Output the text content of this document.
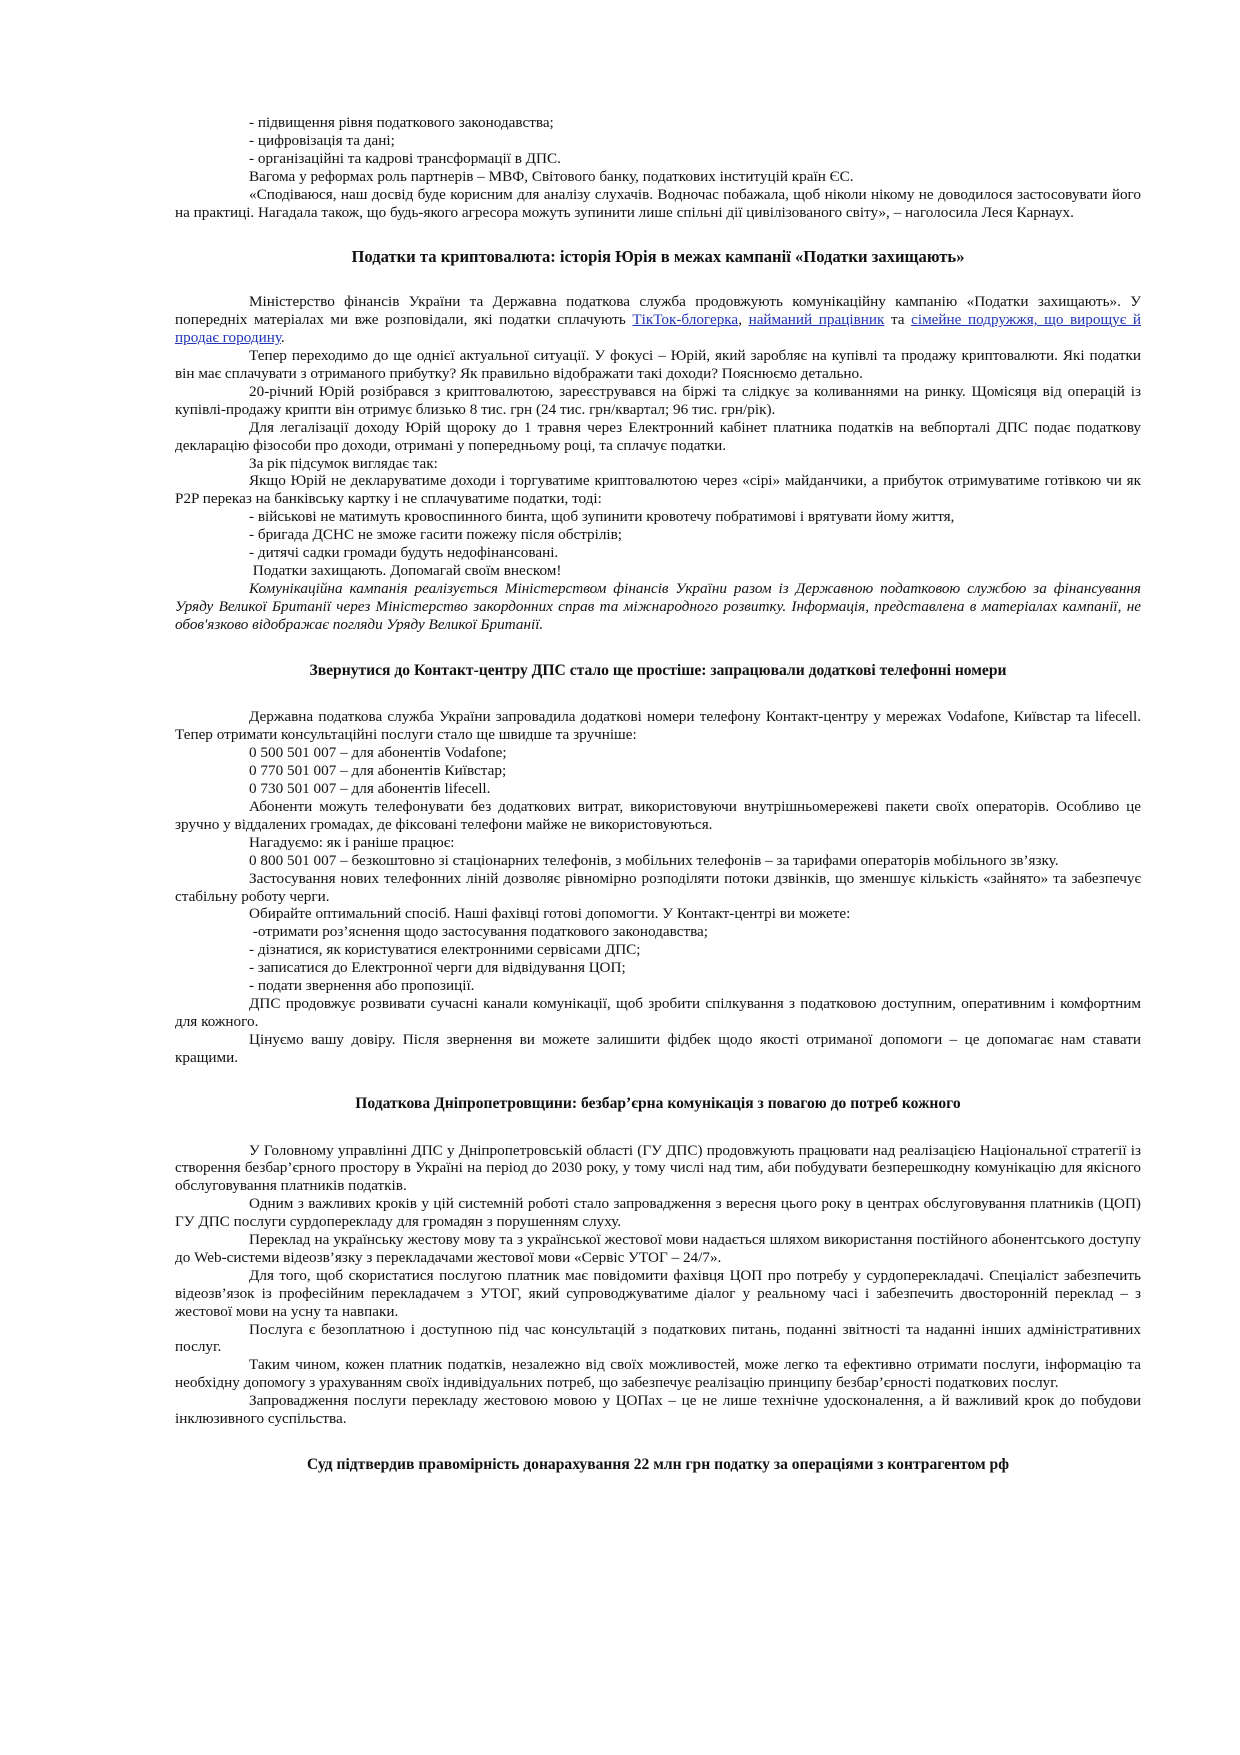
- підвищення рівня податкового законодавства;

- цифровізація та дані;

- організаційні та кадрові трансформації в ДПС.

Вагома у реформах роль партнерів – МВФ, Світового банку, податкових інституцій країн ЄС.

«Сподіваюся, наш досвід буде корисним для аналізу слухачів. Водночас побажала, щоб ніколи нікому не доводилося застосовувати його на практиці. Нагадала також, що будь-якого агресора можуть зупинити лише спільні дії цивілізованого світу», – наголосила Леся Карнаух.

Податки та криптовалюта: історія Юрія в межах кампанії «Податки захищають»

Міністерство фінансів України та Державна податкова служба продовжують комунікаційну кампанію «Податки захищають». У попередніх матеріалах ми вже розповідали, які податки сплачують ТікТок-блогерка, найманий працівник та сімейне подружжя, що вирощує й продає городину.

Тепер переходимо до ще однієї актуальної ситуації. У фокусі – Юрій, який заробляє на купівлі та продажу криптовалюти. Які податки він має сплачувати з отриманого прибутку? Як правильно відображати такі доходи? Пояснюємо детально.

20-річний Юрій розібрався з криптовалютою, зареєструвався на біржі та слідкує за коливаннями на ринку. Щомісяця від операцій із купівлі-продажу крипти він отримує близько 8 тис. грн (24 тис. грн/квартал; 96 тис. грн/рік).

Для легалізації доходу Юрій щороку до 1 травня через Електронний кабінет платника податків на вебпорталі ДПС подає податкову декларацію фізособи про доходи, отримані у попередньому році, та сплачує податки.

За рік підсумок виглядає так:

Якщо Юрій не декларуватиме доходи і торгуватиме криптовалютою через «сірі» майданчики, а прибуток отримуватиме готівкою чи як P2P переказ на банківську картку і не сплачуватиме податки, тоді:

- військові не матимуть кровоспинного бинта, щоб зупинити кровотечу побратимові і врятувати йому життя,

- бригада ДСНС не зможе гасити пожежу після обстрілів;

- дитячі садки громади будуть недофінансовані.

Податки захищають. Допомагай своїм внеском!

Комунікаційна кампанія реалізується Міністерством фінансів України разом із Державною податковою службою за фінансування Уряду Великої Британії через Міністерство закордонних справ та міжнародного розвитку. Інформація, представлена в матеріалах кампанії, не обов'язково відображає погляди Уряду Великої Британії.

Звернутися до Контакт-центру ДПС стало ще простіше: запрацювали додаткові телефонні номери

Державна податкова служба України запровадила додаткові номери телефону Контакт-центру у мережах Vodafone, Київстар та lifecell. Тепер отримати консультаційні послуги стало ще швидше та зручніше:

0 500 501 007 – для абонентів Vodafone;

0 770 501 007 – для абонентів Київстар;

0 730 501 007 – для абонентів lifecell.

Абоненти можуть телефонувати без додаткових витрат, використовуючи внутрішньомережеві пакети своїх операторів. Особливо це зручно у віддалених громадах, де фіксовані телефони майже не використовуються.

Нагадуємо: як і раніше працює:

0 800 501 007 – безкоштовно зі стаціонарних телефонів, з мобільних телефонів – за тарифами операторів мобільного зв’язку.

Застосування нових телефонних ліній дозволяє рівномірно розподіляти потоки дзвінків, що зменшує кількість «зайнято» та забезпечує стабільну роботу черги.

Обирайте оптимальний спосіб. Наші фахівці готові допомогти. У Контакт-центрі ви можете:

-отримати роз’яснення щодо застосування податкового законодавства;

- дізнатися, як користуватися електронними сервісами ДПС;

- записатися до Електронної черги для відвідування ЦОП;

- подати звернення або пропозиції.

ДПС продовжує розвивати сучасні канали комунікації, щоб зробити спілкування з податковою доступним, оперативним і комфортним для кожного.

Цінуємо вашу довіру. Після звернення ви можете залишити фідбек щодо якості отриманої допомоги – це допомагає нам ставати кращими.

Податкова Дніпропетровщини: безбар’єрна комунікація з повагою до потреб кожного

У Головному управлінні ДПС у Дніпропетровській області (ГУ ДПС) продовжують працювати над реалізацією Національної стратегії із створення безбар’єрного простору в Україні на період до 2030 року, у тому числі над тим, аби побудувати безперешкодну комунікацію для якісного обслуговування платників податків.

Одним з важливих кроків у цій системній роботі стало запровадження з вересня цього року в центрах обслуговування платників (ЦОП) ГУ ДПС послуги сурдоперекладу для громадян з порушенням слуху.

Переклад на українську жестову мову та з української жестової мови надається шляхом використання постійного абонентського доступу до Web-системи відеозв’язку з перекладачами жестової мови «Сервіс УТОГ – 24/7».

Для того, щоб скористатися послугою платник має повідомити фахівця ЦОП про потребу у сурдоперекладачі. Спеціаліст забезпечить відеозв’язок із професійним перекладачем з УТОГ, який супроводжуватиме діалог у реальному часі і забезпечить двосторонній переклад – з жестової мови на усну та навпаки.

Послуга є безоплатною і доступною під час консультацій з податкових питань, поданні звітності та наданні інших адміністративних послуг.

Таким чином, кожен платник податків, незалежно від своїх можливостей, може легко та ефективно отримати послуги, інформацію та необхідну допомогу з урахуванням своїх індивідуальних потреб, що забезпечує реалізацію принципу безбар’єрності податкових послуг.

Запровадження послуги перекладу жестовою мовою у ЦОПах – це не лише технічне удосконалення, а й важливий крок до побудови інклюзивного суспільства.

Суд підтвердив правомірність донарахування 22 млн грн податку за операціями з контрагентом рф
